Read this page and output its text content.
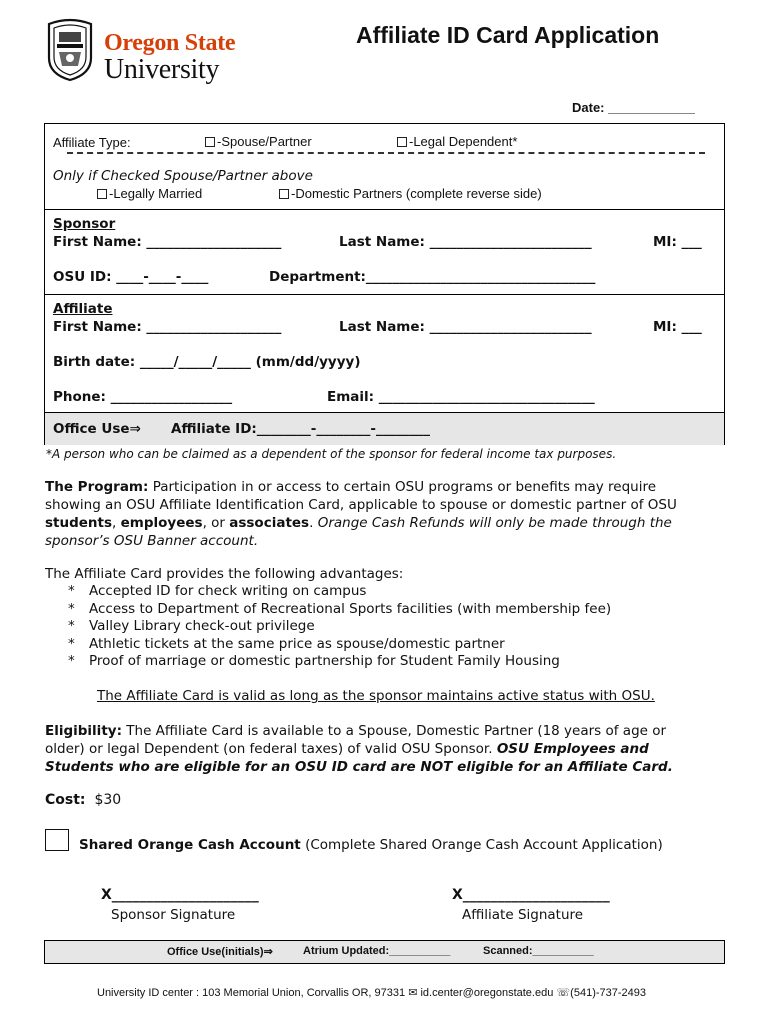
Oregon State
University
Affiliate ID Card Application
Date: ____________
Affiliate Type:	-Spouse/Partner	-Legal Dependent*
Only if Checked Spouse/Partner above
-Legally Married	-Domestic Partners (complete reverse side)
Sponsor
First Name: ____________________	Last Name: ________________________	MI: ___
OSU ID: ____-____-____	Department:__________________________________
Affiliate
First Name: ____________________	Last Name: ________________________	MI: ___
Birth date: _____/_____/_____ (mm/dd/yyyy)
Phone: __________________	Email: ________________________________
Office Use⇒ Affiliate ID:________-________-________
*A person who can be claimed as a dependent of the sponsor for federal income tax purposes.
The Program: Participation in or access to certain OSU programs or benefits may require showing an OSU Affiliate Identification Card, applicable to spouse or domestic partner of OSU students, employees, or associates. Orange Cash Refunds will only be made through the sponsor’s OSU Banner account.
The Affiliate Card provides the following advantages:
* Accepted ID for check writing on campus
* Access to Department of Recreational Sports facilities (with membership fee)
* Valley Library check-out privilege
* Athletic tickets at the same price as spouse/domestic partner
* Proof of marriage or domestic partnership for Student Family Housing
The Affiliate Card is valid as long as the sponsor maintains active status with OSU.
Eligibility: The Affiliate Card is available to a Spouse, Domestic Partner (18 years of age or older) or legal Dependent (on federal taxes) of valid OSU Sponsor. OSU Employees and Students who are eligible for an OSU ID card are NOT eligible for an Affiliate Card.
Cost: $30
Shared Orange Cash Account (Complete Shared Orange Cash Account Application)
X_____________________
Sponsor Signature
X_____________________
Affiliate Signature
Office Use(initials)⇒	Atrium Updated:__________	Scanned:__________
University ID center : 103 Memorial Union, Corvallis OR, 97331 ✉ id.center@oregonstate.edu ☏(541)-737-2493
